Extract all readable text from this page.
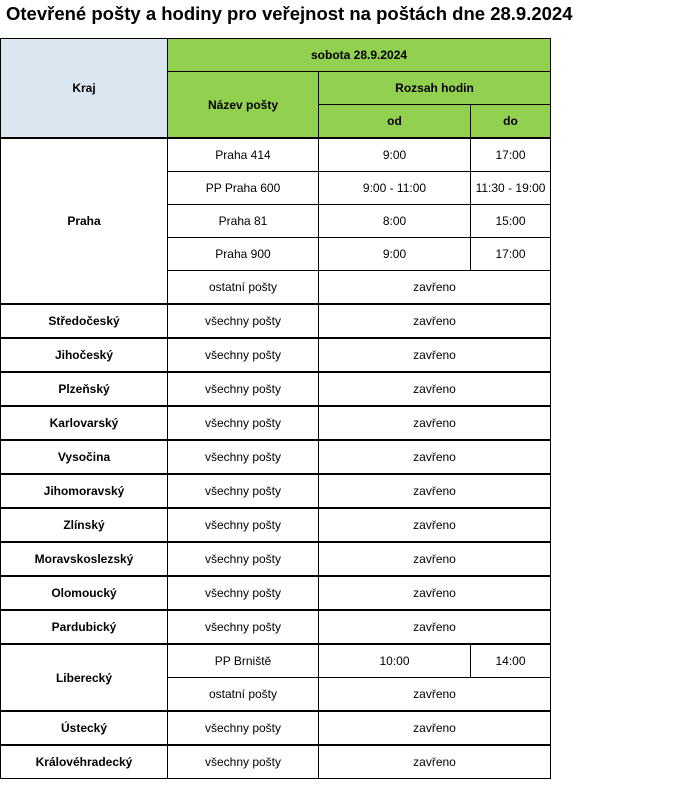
Otevřené pošty a hodiny pro veřejnost na poštách dne 28.9.2024
Kraj	sobota 28.9.2024		
	Název pošty	Rozsah hodin	
		od	do
Praha	Praha 414	9:00	17:00
	PP Praha 600	9:00 - 11:00	11:30 - 19:00
	Praha 81	8:00	15:00
	Praha 900	9:00	17:00
	ostatní pošty	zavřeno	
Středočeský	všechny pošty	zavřeno	
Jihočeský	všechny pošty	zavřeno	
Plzeňský	všechny pošty	zavřeno	
Karlovarský	všechny pošty	zavřeno	
Vysočina	všechny pošty	zavřeno	
Jihomoravský	všechny pošty	zavřeno	
Zlínský	všechny pošty	zavřeno	
Moravskoslezský	všechny pošty	zavřeno	
Olomoucký	všechny pošty	zavřeno	
Pardubický	všechny pošty	zavřeno	
Liberecký	PP Brniště	10:00	14:00
	ostatní pošty	zavřeno	
Ústecký	všechny pošty	zavřeno	
Královéhradecký	všechny pošty	zavřeno	
